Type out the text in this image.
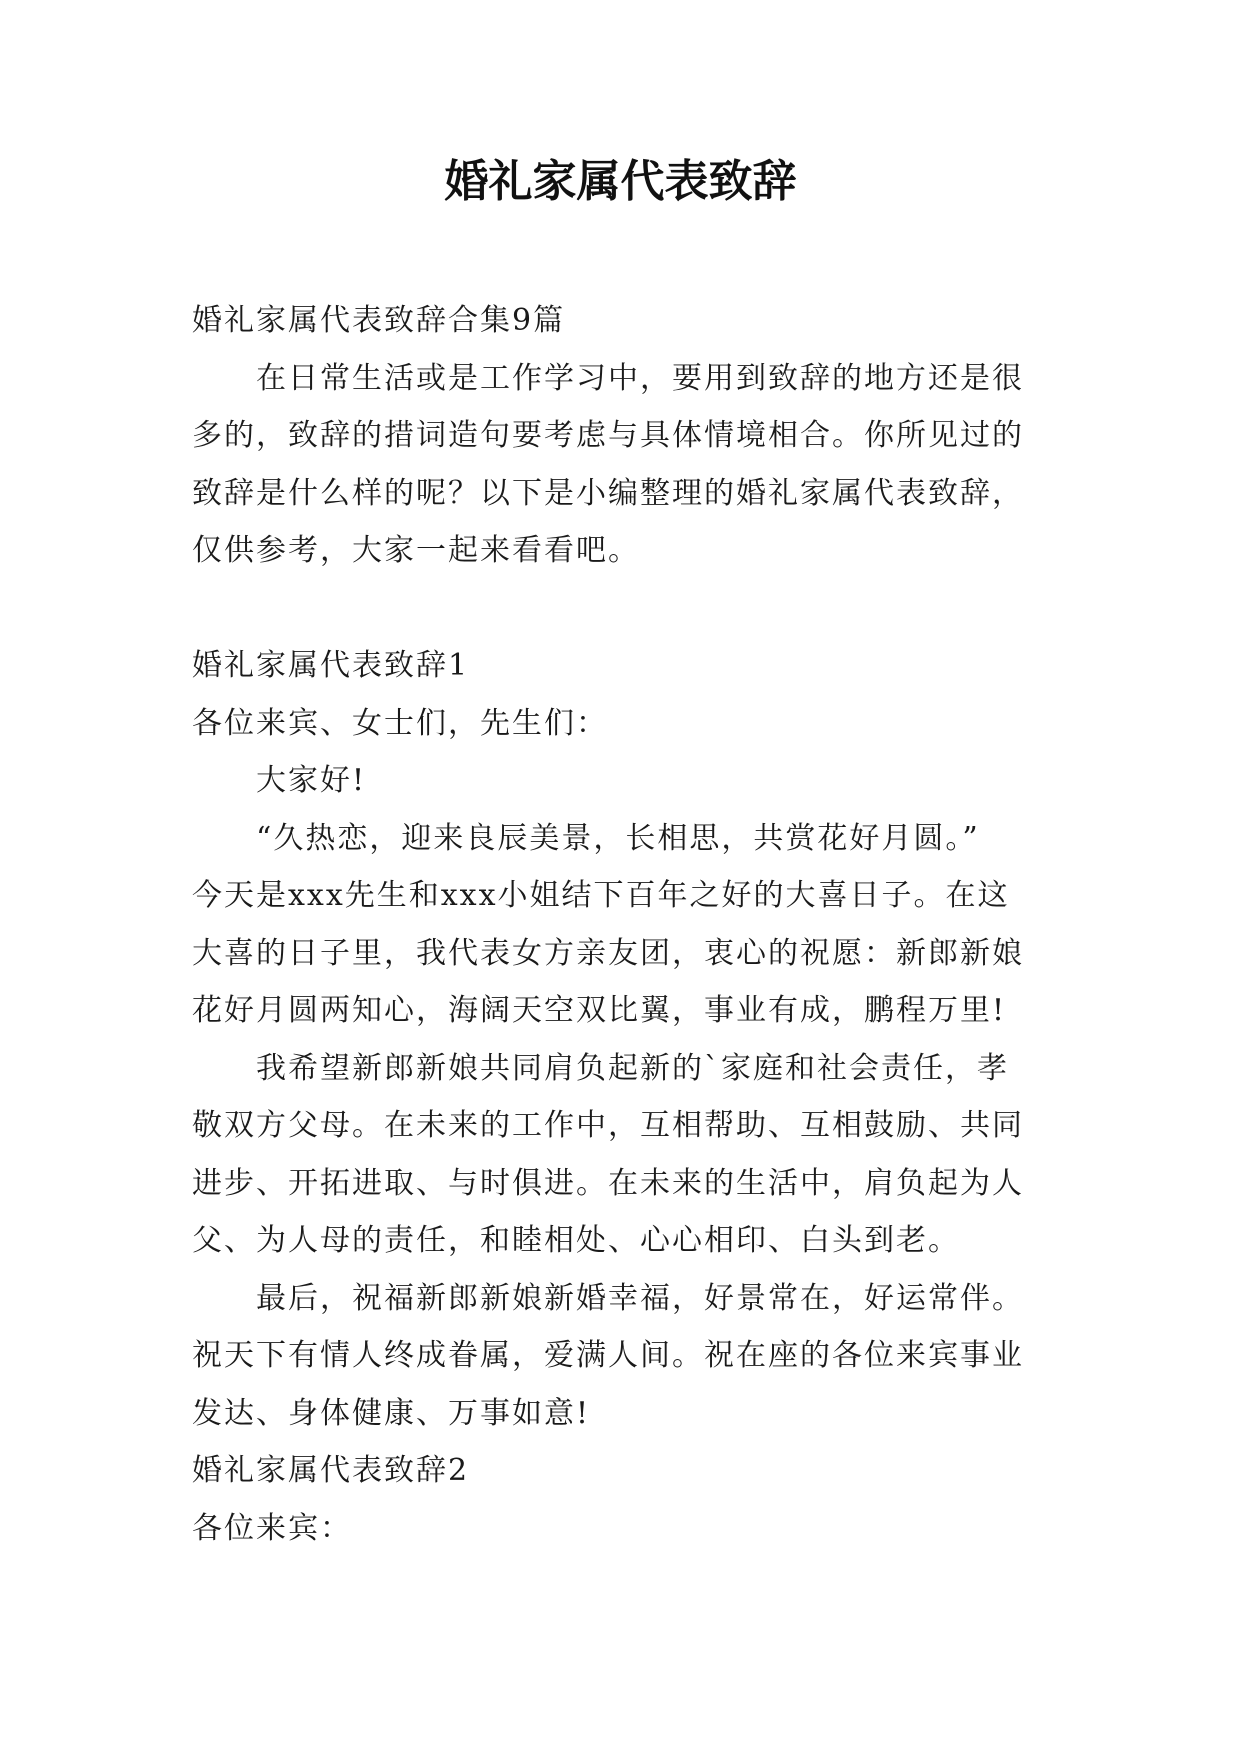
婚礼家属代表致辞

婚礼家属代表致辞合集9篇

在日常生活或是工作学习中，要用到致辞的地方还是很

多的，致辞的措词造句要考虑与具体情境相合。你所见过的

致辞是什么样的呢？以下是小编整理的婚礼家属代表致辞，

仅供参考，大家一起来看看吧。

婚礼家属代表致辞1

各位来宾、女士们，先生们：

大家好!

“久热恋，迎来良辰美景，长相思，共赏花好月圆。”

今天是xxx先生和xxx小姐结下百年之好的大喜日子。在这

大喜的日子里，我代表女方亲友团，衷心的祝愿：新郎新娘

花好月圆两知心，海阔天空双比翼，事业有成，鹏程万里!

我希望新郎新娘共同肩负起新的`家庭和社会责任，孝

敬双方父母。在未来的工作中，互相帮助、互相鼓励、共同

进步、开拓进取、与时俱进。在未来的生活中，肩负起为人

父、为人母的责任，和睦相处、心心相印、白头到老。

最后，祝福新郎新娘新婚幸福，好景常在，好运常伴。

祝天下有情人终成眷属，爱满人间。祝在座的各位来宾事业

发达、身体健康、万事如意!

婚礼家属代表致辞2

各位来宾：
